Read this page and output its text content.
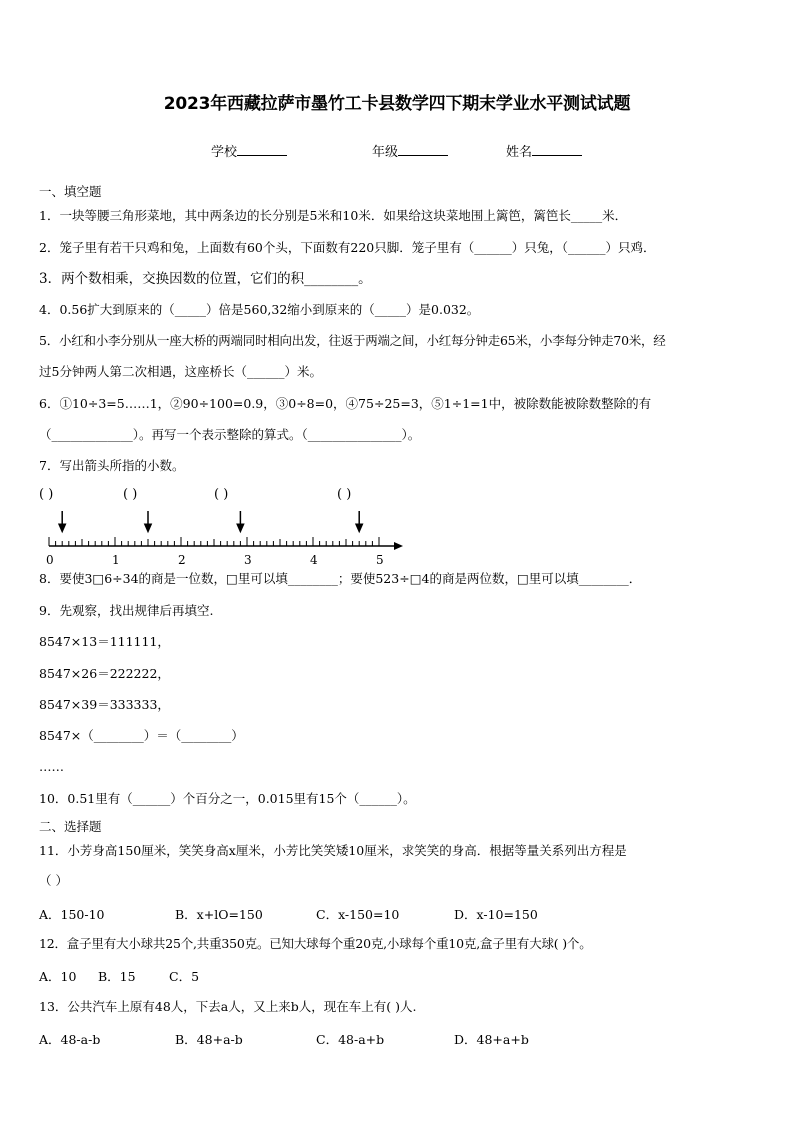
2023年西藏拉萨市墨竹工卡县数学四下期末学业水平测试试题
学校	年级	姓名
一、填空题
1．一块等腰三角形菜地，其中两条边的长分别是5米和10米．如果给这块菜地围上篱笆，篱笆长_____米．
2．笼子里有若干只鸡和兔，上面数有60个头，下面数有220只脚．笼子里有（______）只兔，（______）只鸡．
3．两个数相乘，交换因数的位置，它们的积________。
4．0.56扩大到原来的（_____）倍是560,32缩小到原来的（_____）是0.032。
5．小红和小李分别从一座大桥的两端同时相向出发，往返于两端之间，小红每分钟走65米，小李每分钟走70米，经
过5分钟两人第二次相遇，这座桥长（______）米。
6．①10÷3=5……1，②90÷100=0.9，③0÷8=0，④75÷25=3，⑤1÷1=1中，被除数能被除数整除的有
（_____________）。再写一个表示整除的算式。（_______________）。
7．写出箭头所指的小数。
( )	( )	( )	( )
0	1	2	3	4	5
8．要使3□6÷34的商是一位数，□里可以填________；要使523÷□4的商是两位数，□里可以填________．
9．先观察，找出规律后再填空.
8547×13＝111111，
8547×26＝222222，
8547×39＝333333，
8547×（________）＝（________）
……
10．0.51里有（______）个百分之一，0.015里有15个（______）。
二、选择题
11．小芳身高150厘米，笑笑身高x厘米，小芳比笑笑矮10厘米，求笑笑的身高．根据等量关系列出方程是
（ ）
A．150-10	B．x+lO=150	C．x-150=10	D．x-10=150
12．盒子里有大小球共25个,共重350克。已知大球每个重20克,小球每个重10克,盒子里有大球( )个。
A．10 B．15	C．5
13．公共汽车上原有48人，下去a人，又上来b人，现在车上有( )人.
A．48-a-b	B．48+a-b	C．48-a+b	D．48+a+b
